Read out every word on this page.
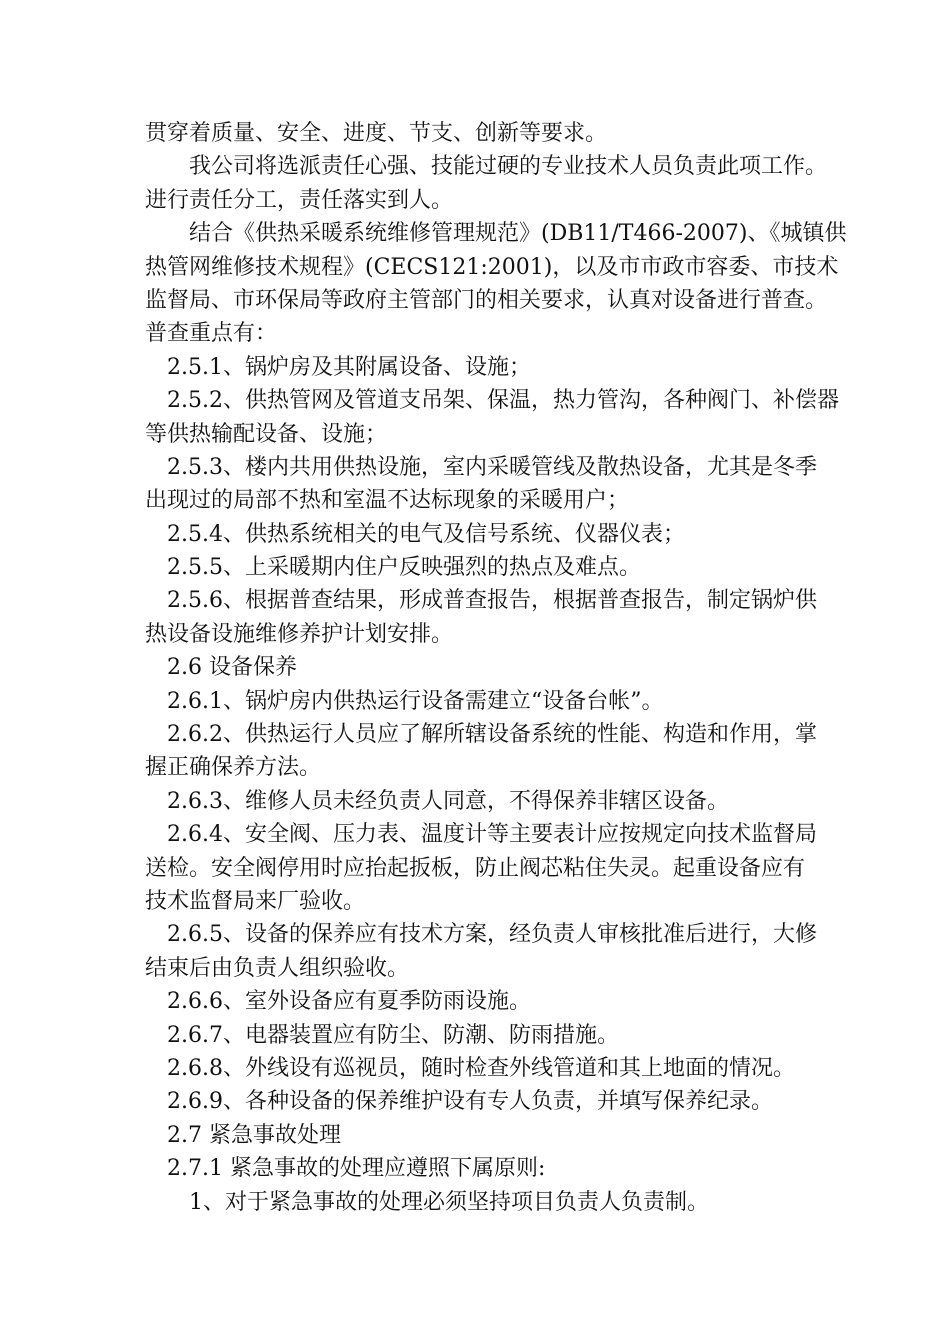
贯穿着质量、安全、进度、节支、创新等要求。
我公司将选派责任心强、技能过硬的专业技术人员负责此项工作。
进行责任分工，责任落实到人。
结合《供热采暖系统维修管理规范》(DB11/T466-2007)、《城镇供
热管网维修技术规程》(CECS121:2001)，以及市市政市容委、市技术
监督局、市环保局等政府主管部门的相关要求，认真对设备进行普查。
普查重点有：
2.5.1、锅炉房及其附属设备、设施；
2.5.2、供热管网及管道支吊架、保温，热力管沟，各种阀门、补偿器
等供热输配设备、设施；
2.5.3、楼内共用供热设施，室内采暖管线及散热设备，尤其是冬季
出现过的局部不热和室温不达标现象的采暖用户；
2.5.4、供热系统相关的电气及信号系统、仪器仪表；
2.5.5、上采暖期内住户反映强烈的热点及难点。
2.5.6、根据普查结果，形成普查报告，根据普查报告，制定锅炉供
热设备设施维修养护计划安排。
2.6 设备保养
2.6.1、锅炉房内供热运行设备需建立“设备台帐”。
2.6.2、供热运行人员应了解所辖设备系统的性能、构造和作用，掌
握正确保养方法。
2.6.3、维修人员未经负责人同意，不得保养非辖区设备。
2.6.4、安全阀、压力表、温度计等主要表计应按规定向技术监督局
送检。安全阀停用时应抬起扳板，防止阀芯粘住失灵。起重设备应有
技术监督局来厂验收。
2.6.5、设备的保养应有技术方案，经负责人审核批准后进行，大修
结束后由负责人组织验收。
2.6.6、室外设备应有夏季防雨设施。
2.6.7、电器装置应有防尘、防潮、防雨措施。
2.6.8、外线设有巡视员，随时检查外线管道和其上地面的情况。
2.6.9、各种设备的保养维护设有专人负责，并填写保养纪录。
2.7 紧急事故处理
2.7.1 紧急事故的处理应遵照下属原则:
1、对于紧急事故的处理必须坚持项目负责人负责制。
